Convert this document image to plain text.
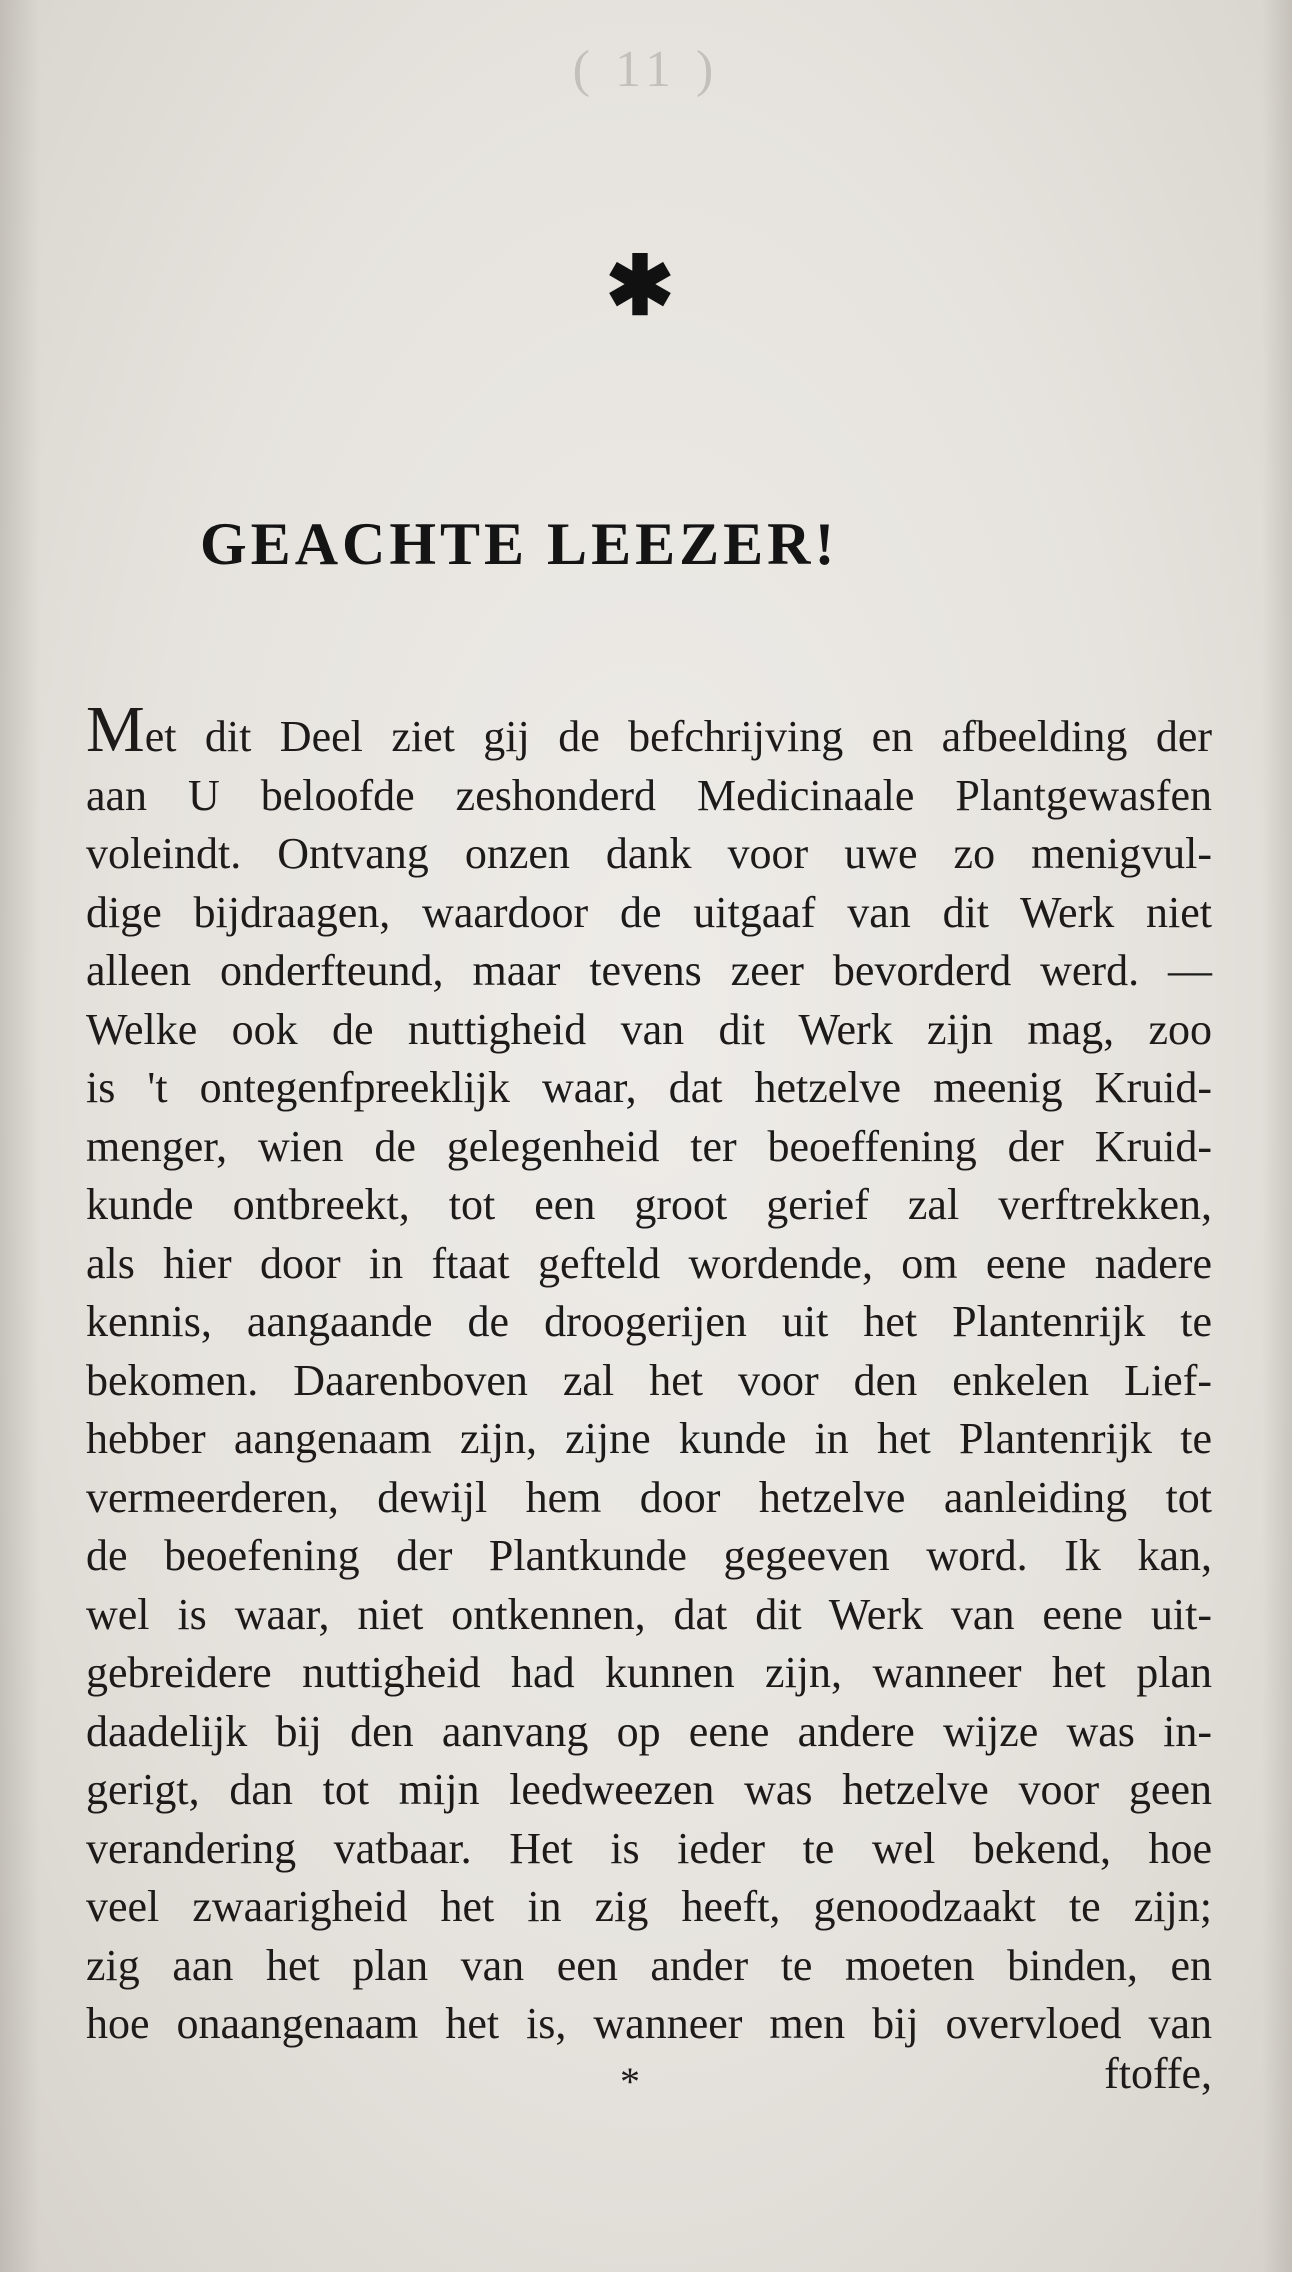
( 11 )
✱
GEACHTE LEEZER!
Met dit Deel ziet gij de befchrijving en afbeelding der
aan U beloofde zeshonderd Medicinaale Plantgewasfen
voleindt. Ontvang onzen dank voor uwe zo menigvul-
dige bijdraagen, waardoor de uitgaaf van dit Werk niet
alleen onderfteund, maar tevens zeer bevorderd werd. —
Welke ook de nuttigheid van dit Werk zijn mag, zoo
is 't ontegenfpreeklijk waar, dat hetzelve meenig Kruid-
menger, wien de gelegenheid ter beoeffening der Kruid-
kunde ontbreekt, tot een groot gerief zal verftrekken,
als hier door in ftaat gefteld wordende, om eene nadere
kennis, aangaande de droogerijen uit het Plantenrijk te
bekomen. Daarenboven zal het voor den enkelen Lief-
hebber aangenaam zijn, zijne kunde in het Plantenrijk te
vermeerderen, dewijl hem door hetzelve aanleiding tot
de beoefening der Plantkunde gegeeven word. Ik kan,
wel is waar, niet ontkennen, dat dit Werk van eene uit-
gebreidere nuttigheid had kunnen zijn, wanneer het plan
daadelijk bij den aanvang op eene andere wijze was in-
gerigt, dan tot mijn leedweezen was hetzelve voor geen
verandering vatbaar. Het is ieder te wel bekend, hoe
veel zwaarigheid het in zig heeft, genoodzaakt te zijn;
zig aan het plan van een ander te moeten binden, en
hoe onaangenaam het is, wanneer men bij overvloed van
*	ftoffe,
